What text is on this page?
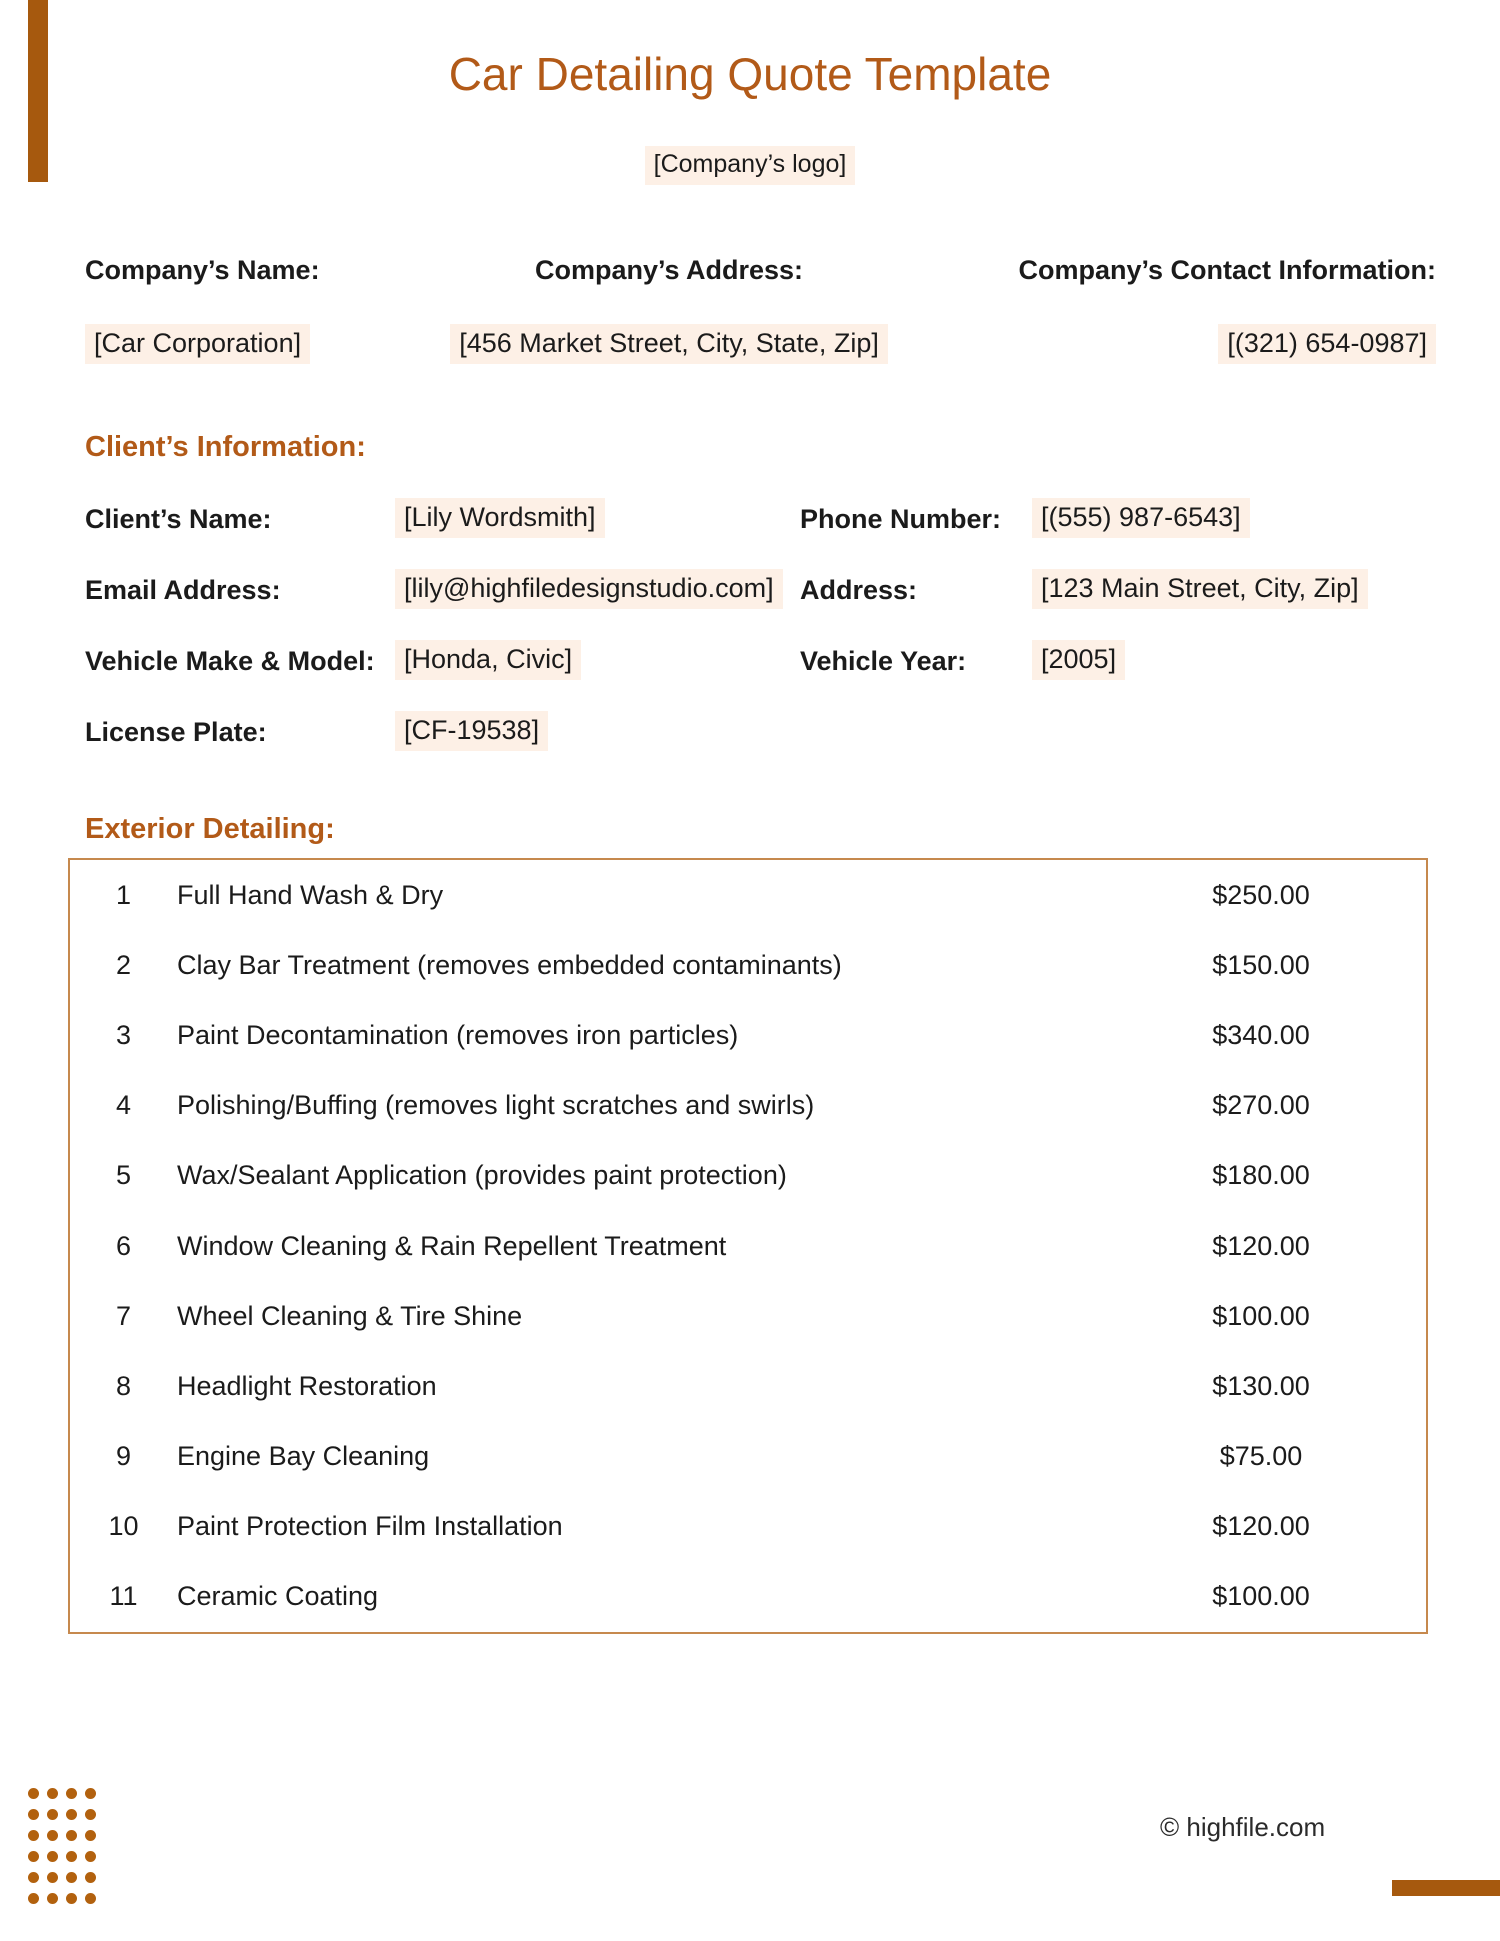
Car Detailing Quote Template
[Company’s logo]
Company’s Name:
[Car Corporation]
Company’s Address:
[456 Market Street, City, State, Zip]
Company’s Contact Information:
[(321) 654-0987]
Client’s Information:
Client’s Name:	[Lily Wordsmith]	Phone Number:	[(555) 987-6543]
Email Address:	[lily@highfiledesignstudio.com] Address:	[123 Main Street, City, Zip]
Vehicle Make & Model:	[Honda, Civic]	Vehicle Year:	[2005]
License Plate:	[CF-19538]
Exterior Detailing:
1	Full Hand Wash & Dry	$250.00
2	Clay Bar Treatment (removes embedded contaminants)	$150.00
3	Paint Decontamination (removes iron particles)	$340.00
4	Polishing/Buffing (removes light scratches and swirls)	$270.00
5	Wax/Sealant Application (provides paint protection)	$180.00
6	Window Cleaning & Rain Repellent Treatment	$120.00
7	Wheel Cleaning & Tire Shine	$100.00
8	Headlight Restoration	$130.00
9	Engine Bay Cleaning	$75.00
10	Paint Protection Film Installation	$120.00
11	Ceramic Coating	$100.00
© highfile.com
